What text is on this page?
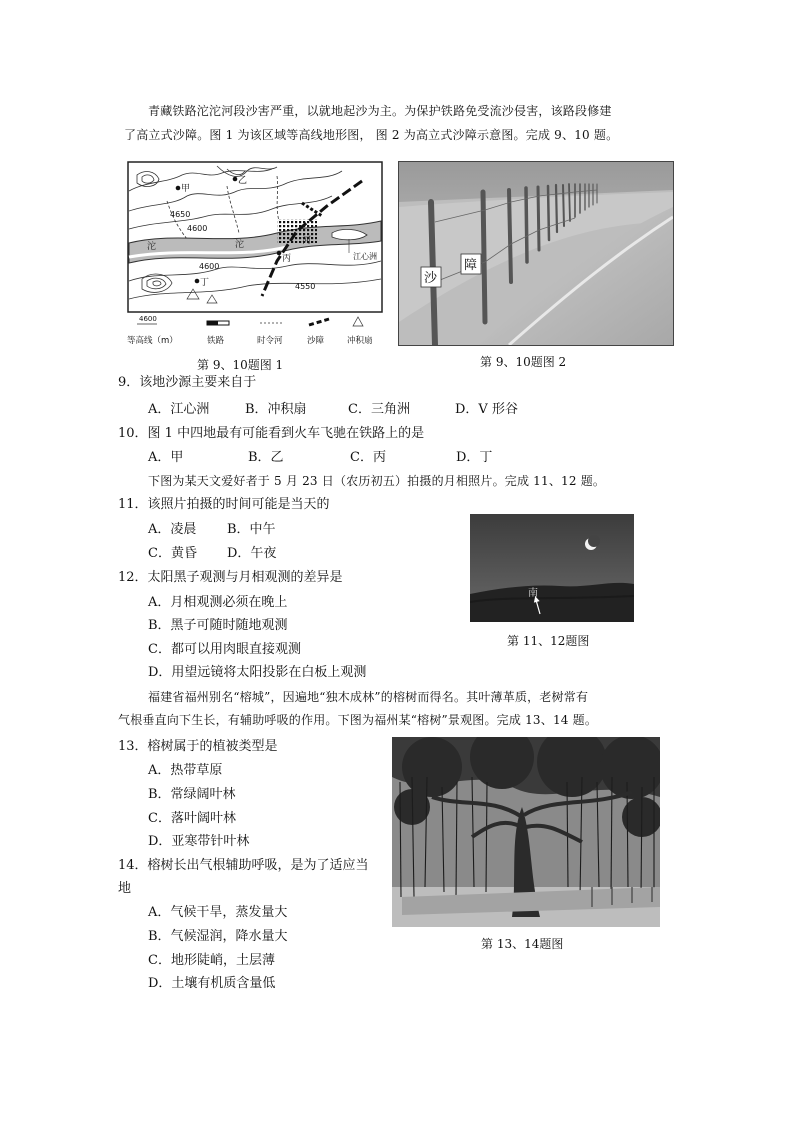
青藏铁路沱沱河段沙害严重，以就地起沙为主。为保护铁路免受流沙侵害，该路段修建
了高立式沙障。图 1 为该区域等高线地形图， 图 2 为高立式沙障示意图。完成 9、10 题。
江心洲
沱	沱
4650
4600
4600
4550
甲
乙
丙
丁
4600
等高线（m）	铁路	时令河	沙障	冲积扇
第 9、10题图 1
沙
障
第 9、10题图 2
9．该地沙源主要来自于
A．江心洲	B．冲积扇	C．三角洲	D．V 形谷
10．图 1 中四地最有可能看到火车飞驰在铁路上的是
A．甲	B．乙	C．丙	D．丁
下图为某天文爱好者于 5 月 23 日（农历初五）拍摄的月相照片。完成 11、12 题。
11．该照片拍摄的时间可能是当天的
A．凌晨 B．中午
C．黄昏 D．午夜
南
第 11、12题图
12．太阳黑子观测与月相观测的差异是
A．月相观测必须在晚上
B．黑子可随时随地观测
C．都可以用肉眼直接观测
D．用望远镜将太阳投影在白板上观测
福建省福州别名“榕城”，因遍地“独木成林”的榕树而得名。其叶薄革质，老树常有
气根垂直向下生长，有辅助呼吸的作用。下图为福州某“榕树”景观图。完成 13、14 题。
第 13、14题图
13．榕树属于的植被类型是
A．热带草原
B．常绿阔叶林
C．落叶阔叶林
D．亚寒带针叶林
14．榕树长出气根辅助呼吸，是为了适应当
地
A．气候干旱，蒸发量大
B．气候湿润，降水量大
C．地形陡峭，土层薄
D．土壤有机质含量低
